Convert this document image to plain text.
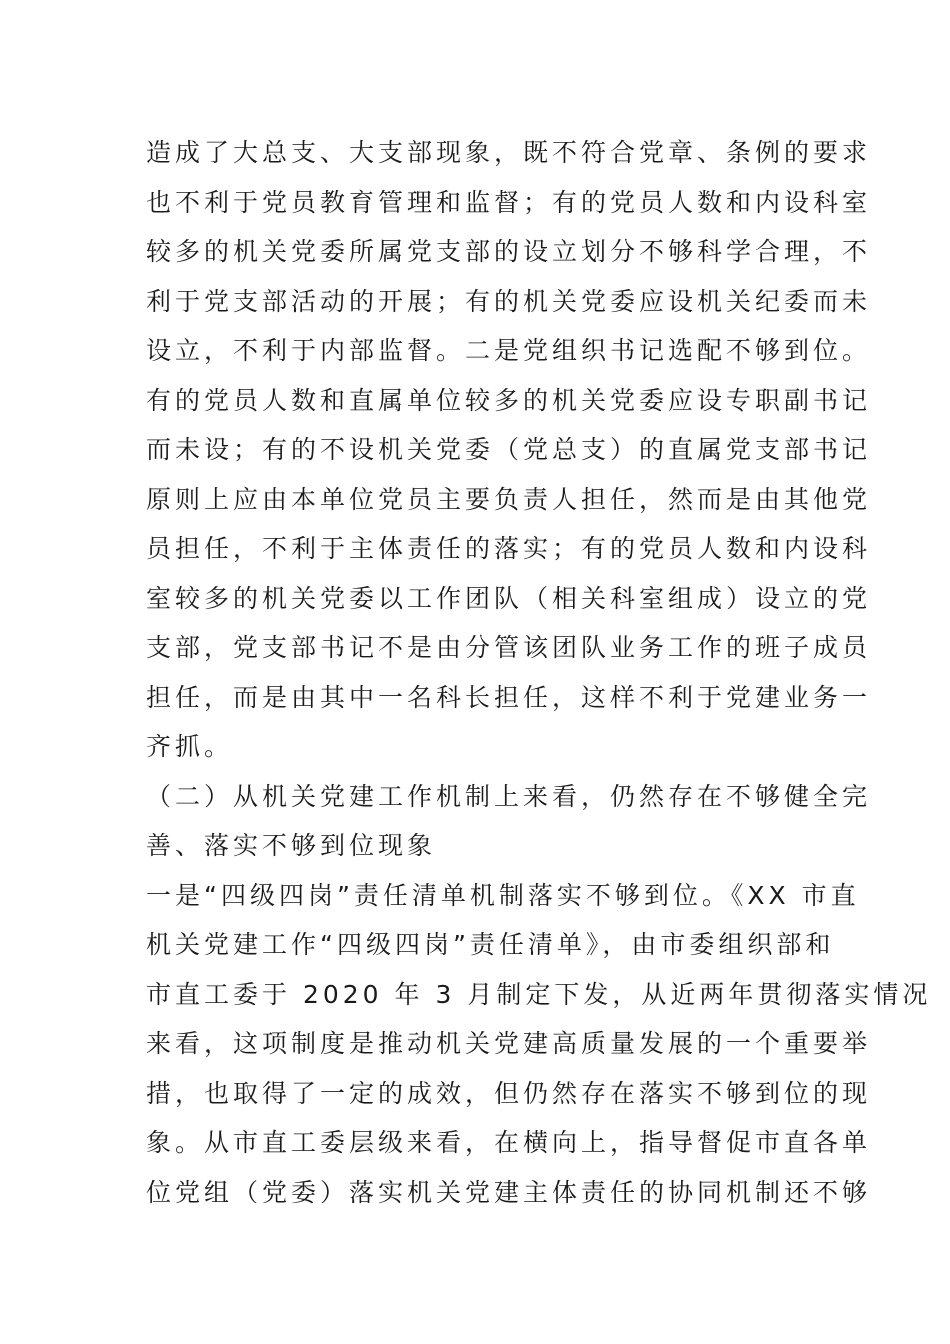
造成了大总支、大支部现象，既不符合党章、条例的要求
也不利于党员教育管理和监督；有的党员人数和内设科室
较多的机关党委所属党支部的设立划分不够科学合理，不
利于党支部活动的开展；有的机关党委应设机关纪委而未
设立，不利于内部监督。二是党组织书记选配不够到位。
有的党员人数和直属单位较多的机关党委应设专职副书记
而未设；有的不设机关党委（党总支）的直属党支部书记
原则上应由本单位党员主要负责人担任，然而是由其他党
员担任，不利于主体责任的落实；有的党员人数和内设科
室较多的机关党委以工作团队（相关科室组成）设立的党
支部，党支部书记不是由分管该团队业务工作的班子成员
担任，而是由其中一名科长担任，这样不利于党建业务一
齐抓。
（二）从机关党建工作机制上来看，仍然存在不够健全完
善、落实不够到位现象
一是“四级四岗”责任清单机制落实不够到位。《XX 市直
机关党建工作“四级四岗”责任清单》，由市委组织部和
市直工委于 2020 年 3 月制定下发，从近两年贯彻落实情况
来看，这项制度是推动机关党建高质量发展的一个重要举
措，也取得了一定的成效，但仍然存在落实不够到位的现
象。从市直工委层级来看，在横向上，指导督促市直各单
位党组（党委）落实机关党建主体责任的协同机制还不够
